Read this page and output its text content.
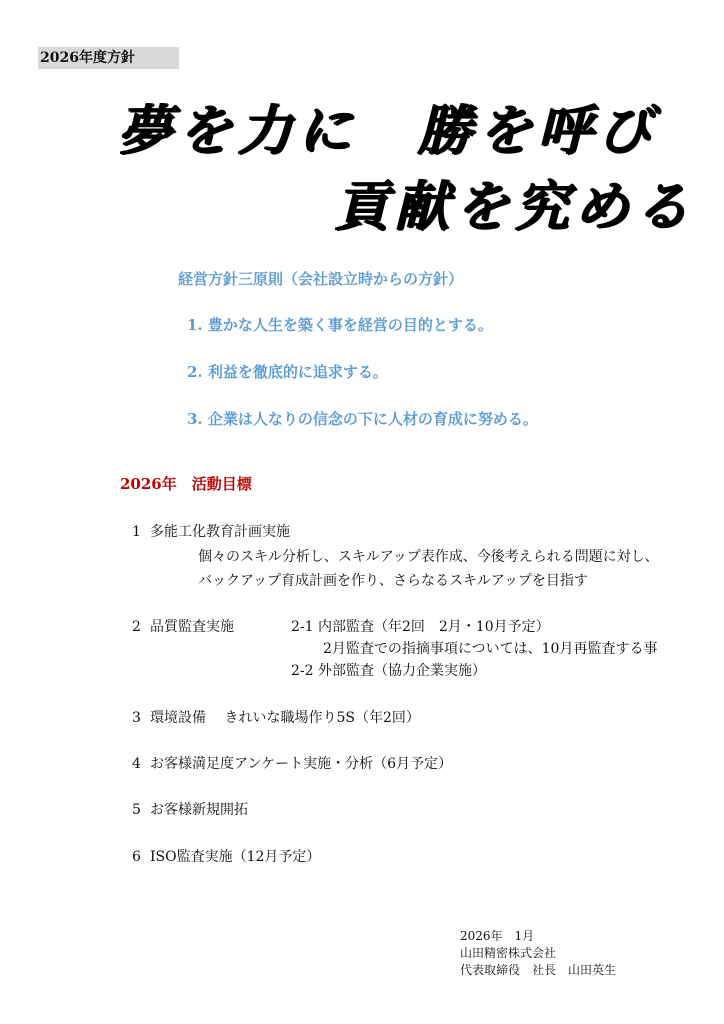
2026年度方針
夢を力に　勝を呼び
貢献を究める
経営方針三原則（会社設立時からの方針）
1. 豊かな人生を築く事を経営の目的とする。
2. 利益を徹底的に追求する。
3. 企業は人なりの信念の下に人材の育成に努める。
2026年　活動目標
1 多能工化教育計画実施
個々のスキル分析し、スキルアップ表作成、今後考えられる問題に対し、
バックアップ育成計画を作り、さらなるスキルアップを目指す
2 品質監査実施	2-1 内部監査（年2回　2月・10月予定）
2月監査での指摘事項については、10月再監査する事
2-2 外部監査（協力企業実施）
3 環境設備　 きれいな職場作り5S（年2回）
4 お客様満足度アンケート実施・分析（6月予定）
5 お客様新規開拓
6 ISO監査実施（12月予定）
2026年　1月
山田精密株式会社
代表取締役　社長　山田英生
